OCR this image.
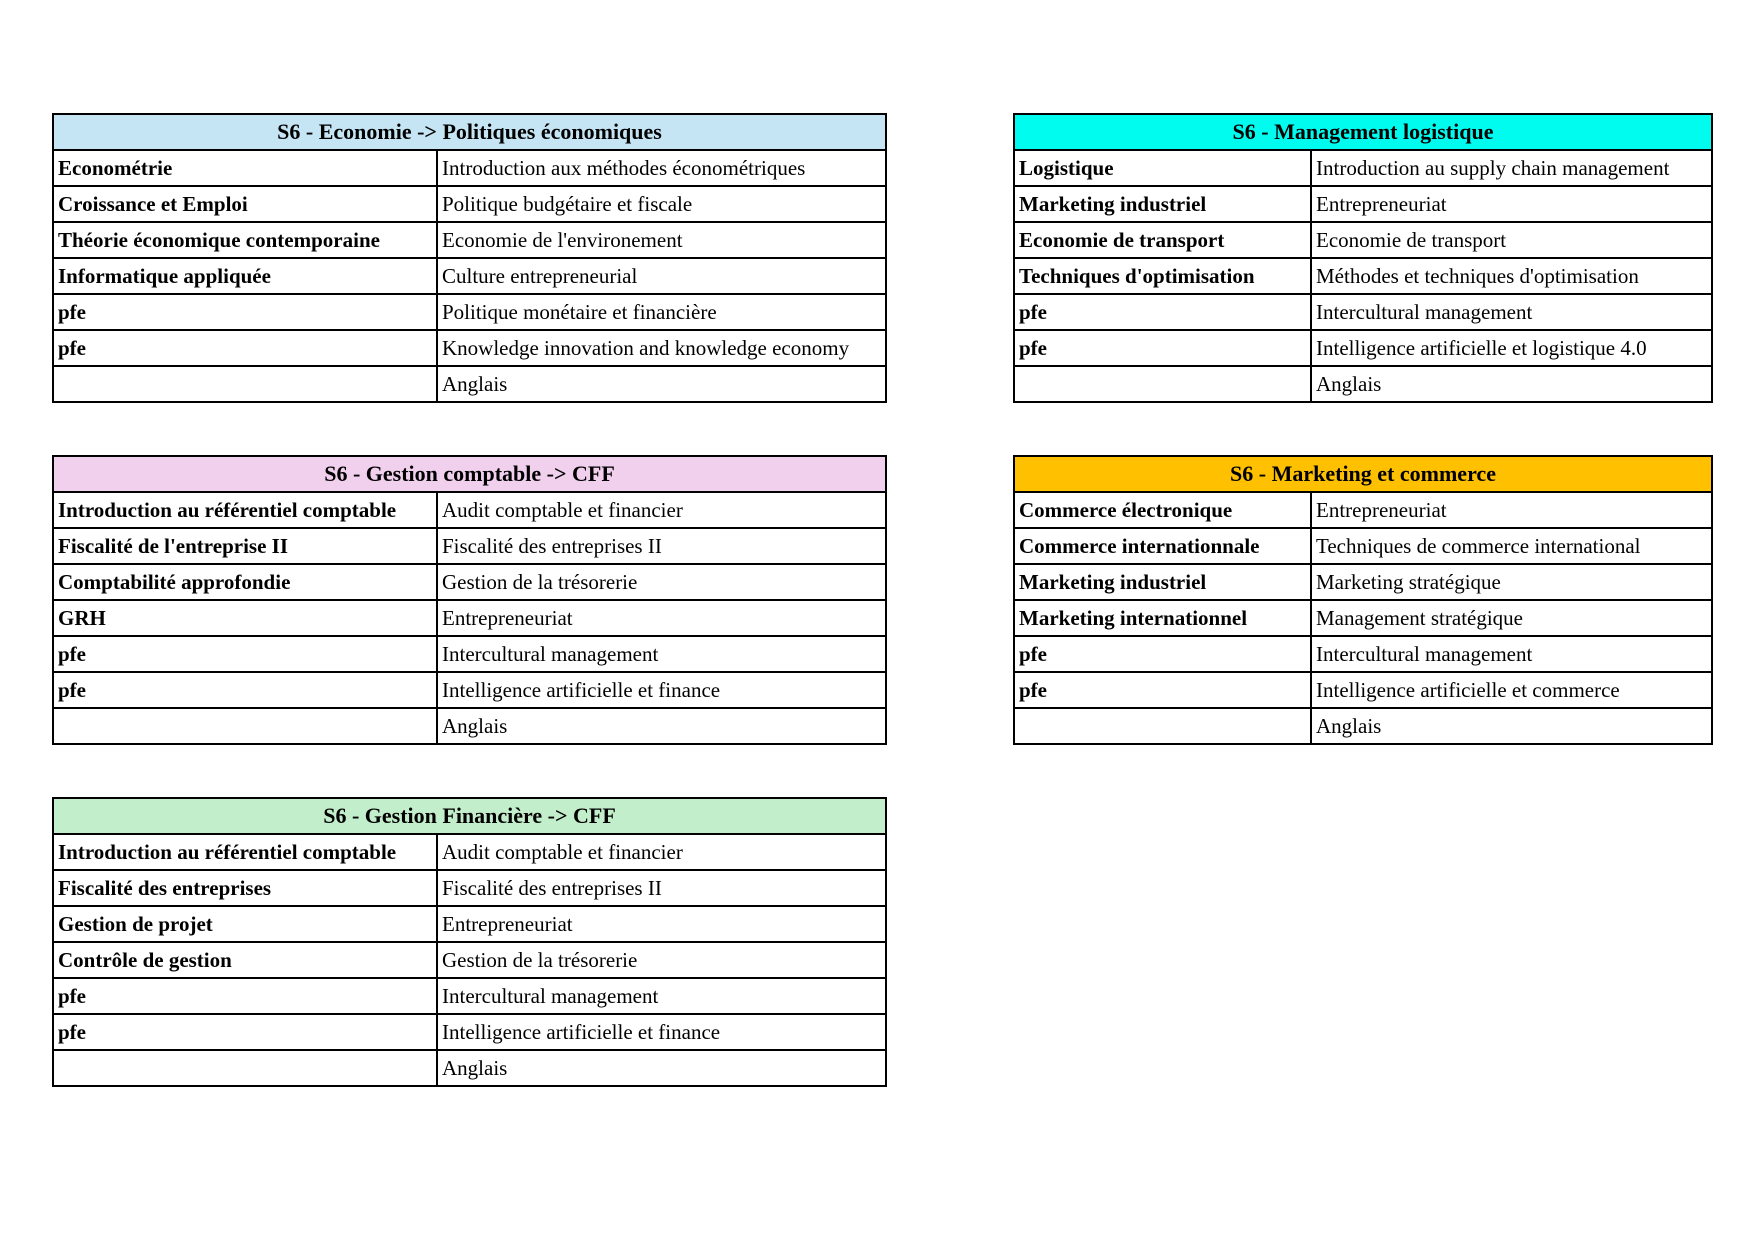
S6 - Economie -> Politiques économiques	
Econométrie	Introduction aux méthodes économétriques
Croissance et Emploi	Politique budgétaire et fiscale
Théorie économique contemporaine	Economie de l'environement
Informatique appliquée	Culture entrepreneurial
pfe	Politique monétaire et financière
pfe	Knowledge innovation and knowledge economy
	Anglais
S6 - Management logistique	
Logistique	Introduction au supply chain management
Marketing industriel	Entrepreneuriat
Economie de transport	Economie de transport
Techniques d'optimisation	Méthodes et techniques d'optimisation
pfe	Intercultural management
pfe	Intelligence artificielle et logistique 4.0
	Anglais
S6 - Gestion comptable -> CFF	
Introduction au référentiel comptable	Audit comptable et financier
Fiscalité de l'entreprise II	Fiscalité des entreprises II
Comptabilité approfondie	Gestion de la trésorerie
GRH	Entrepreneuriat
pfe	Intercultural management
pfe	Intelligence artificielle et finance
	Anglais
S6 - Marketing et commerce	
Commerce électronique	Entrepreneuriat
Commerce internationnale	Techniques de commerce international
Marketing industriel	Marketing stratégique
Marketing internationnel	Management stratégique
pfe	Intercultural management
pfe	Intelligence artificielle et commerce
	Anglais
S6 - Gestion Financière -> CFF	
Introduction au référentiel comptable	Audit comptable et financier
Fiscalité des entreprises	Fiscalité des entreprises II
Gestion de projet	Entrepreneuriat
Contrôle de gestion	Gestion de la trésorerie
pfe	Intercultural management
pfe	Intelligence artificielle et finance
	Anglais
